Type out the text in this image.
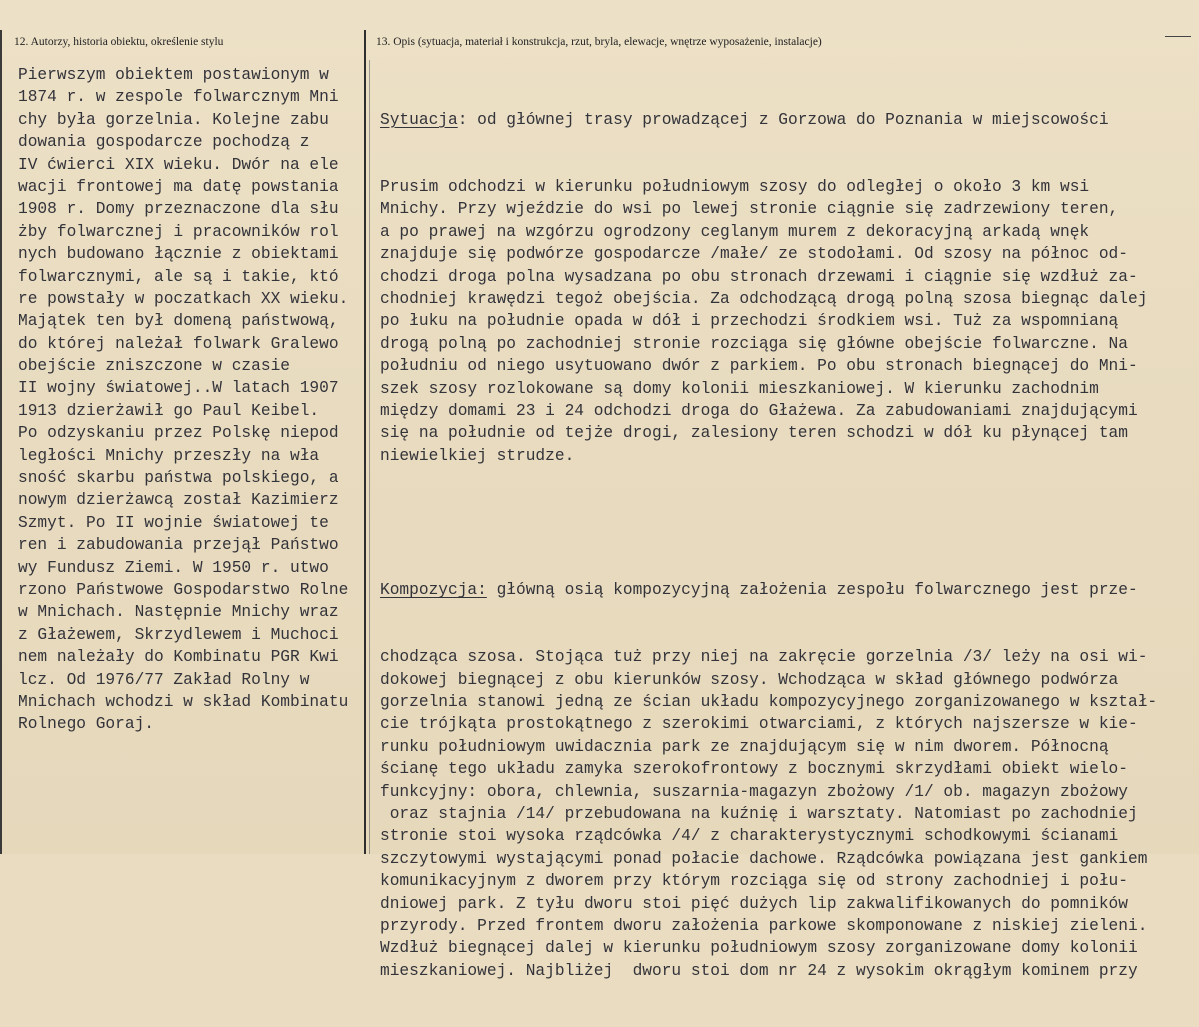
12. Autorzy, historia obiektu, określenie stylu	13. Opis (sytuacja, materiał i konstrukcja, rzut, bryla, elewacje, wnętrze wyposażenie, instalacje)
Pierwszym obiektem postawionym w
1874 r. w zespole folwarcznym Mni
chy była gorzelnia. Kolejne zabu
dowania gospodarcze pochodzą z
IV ćwierci XIX wieku. Dwór na ele
wacji frontowej ma datę powstania
1908 r. Domy przeznaczone dla słu
żby folwarcznej i pracowników rol
nych budowano łącznie z obiektami
folwarcznymi, ale są i takie, któ
re powstały w poczatkach XX wieku.
Majątek ten był domeną państwową,
do której należał folwark Gralewo
obejście zniszczone w czasie
II wojny światowej..W latach 1907
1913 dzierżawił go Paul Keibel.
Po odzyskaniu przez Polskę niepod
ległości Mnichy przeszły na wła
sność skarbu państwa polskiego, a
nowym dzierżawcą został Kazimierz
Szmyt. Po II wojnie światowej te
ren i zabudowania przejął Państwo
wy Fundusz Ziemi. W 1950 r. utwo
rzono Państwowe Gospodarstwo Rolne
w Mnichach. Następnie Mnichy wraz
z Głażewem, Skrzydlewem i Muchoci
nem należały do Kombinatu PGR Kwi
lcz. Od 1976/77 Zakład Rolny w
Mnichach wchodzi w skład Kombinatu
Rolnego Goraj.

Sytuacja: od głównej trasy prowadzącej z Gorzowa do Poznania w miejscowości

Prusim odchodzi w kierunku południowym szosy do odległej o około 3 km wsi
Mnichy. Przy wjeździe do wsi po lewej stronie ciągnie się zadrzewiony teren,
a po prawej na wzgórzu ogrodzony ceglanym murem z dekoracyjną arkadą wnęk
znajduje się podwórze gospodarcze /małe/ ze stodołami. Od szosy na północ od-
chodzi droga polna wysadzana po obu stronach drzewami i ciągnie się wzdłuż za-
chodniej krawędzi tegoż obejścia. Za odchodzącą drogą polną szosa biegnąc dalej
po łuku na południe opada w dół i przechodzi środkiem wsi. Tuż za wspomnianą
drogą polną po zachodniej stronie rozciąga się główne obejście folwarczne. Na
południu od niego usytuowano dwór z parkiem. Po obu stronach biegnącej do Mni-
szek szosy rozlokowane są domy kolonii mieszkaniowej. W kierunku zachodnim
między domami 23 i 24 odchodzi droga do Głażewa. Za zabudowaniami znajdującymi
się na południe od tejże drogi, zalesiony teren schodzi w dół ku płynącej tam
niewielkiej strudze.

Kompozycja: główną osią kompozycyjną założenia zespołu folwarcznego jest prze-

chodząca szosa. Stojąca tuż przy niej na zakręcie gorzelnia /3/ leży na osi wi-
dokowej biegnącej z obu kierunków szosy. Wchodząca w skład głównego podwórza
gorzelnia stanowi jedną ze ścian układu kompozycyjnego zorganizowanego w kształ-
cie trójkąta prostokątnego z szerokimi otwarciami, z których najszersze w kie-
runku południowym uwidacznia park ze znajdującym się w nim dworem. Północną
ścianę tego układu zamyka szerokofrontowy z bocznymi skrzydłami obiekt wielo-
funkcyjny: obora, chlewnia, suszarnia-magazyn zbożowy /1/ ob. magazyn zbożowy
oraz stajnia /14/ przebudowana na kuźnię i warsztaty. Natomiast po zachodniej
stronie stoi wysoka rządcówka /4/ z charakterystycznymi schodkowymi ścianami
szczytowymi wystającymi ponad połacie dachowe. Rządcówka powiązana jest gankiem
komunikacyjnym z dworem przy którym rozciąga się od strony zachodniej i połu-
dniowej park. Z tyłu dworu stoi pięć dużych lip zakwalifikowanych do pomników
przyrody. Przed frontem dworu założenia parkowe skomponowane z niskiej zieleni.
Wzdłuż biegnącej dalej w kierunku południowym szosy zorganizowane domy kolonii
mieszkaniowej. Najbliżej  dworu stoi dom nr 24 z wysokim okrągłym kominem przy
